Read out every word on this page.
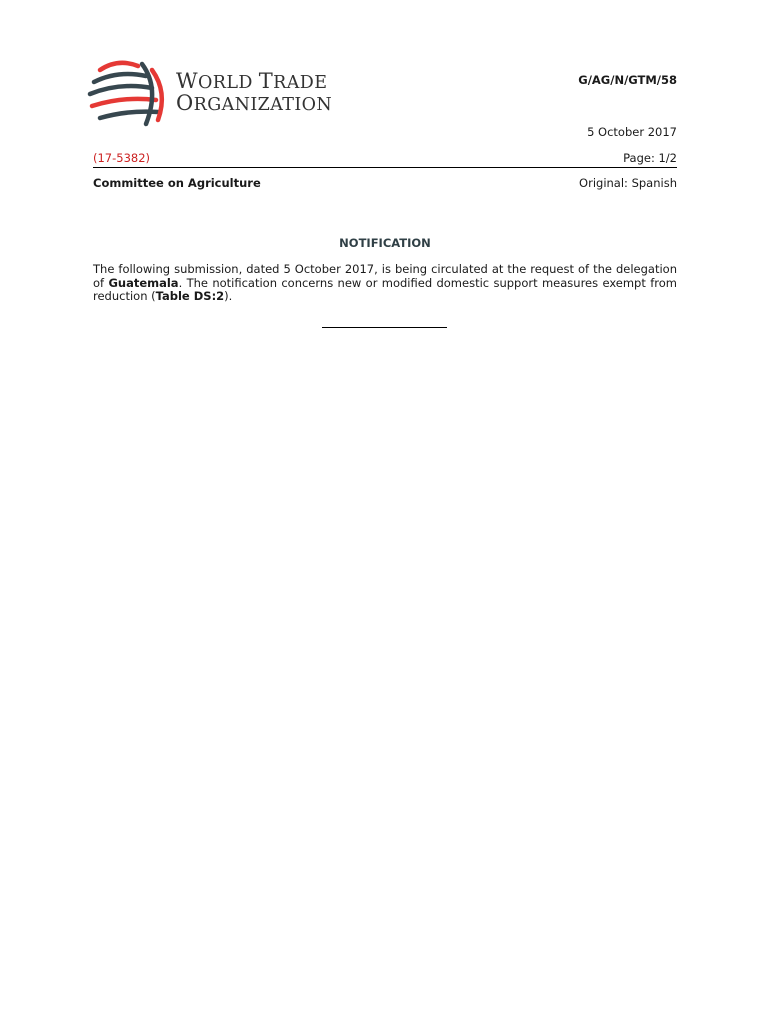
WORLD TRADE
ORGANIZATION
G/AG/N/GTM/58
5 October 2017
(17-5382)	Page: 1/2
Committee on Agriculture	Original: Spanish
NOTIFICATION
The following submission, dated 5 October 2017, is being circulated at the request of the delegation of Guatemala. The notification concerns new or modified domestic support measures exempt from reduction (Table DS:2).
